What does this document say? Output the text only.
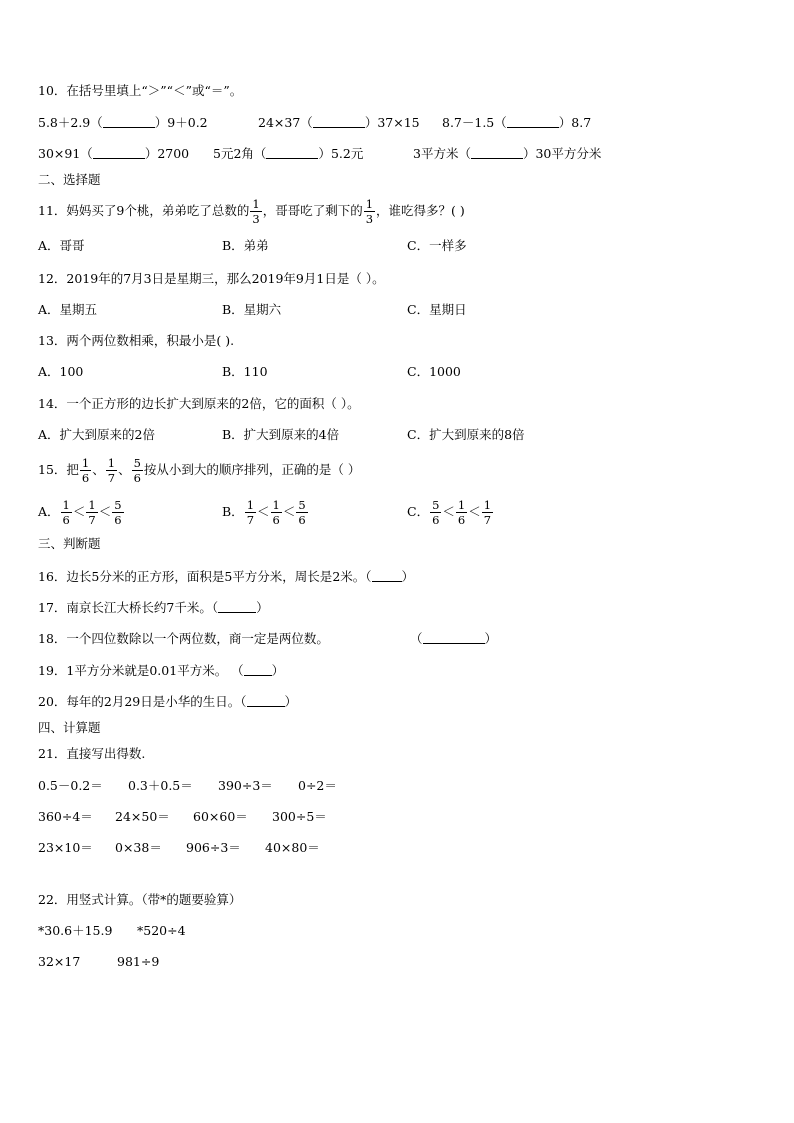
10．在括号里填上“＞”“＜”或“＝”。
5.8＋2.9（	）9＋0.2	24×37（	）37×15 8.7－1.5（	）8.7
30×91（	）2700 5元2角（	）5.2元	3平方米（	）30平方分米
二、选择题
11．妈妈买了9个桃，弟弟吃了总数的 $\frac{1}{3}$ ，哥哥吃了剩下的 $\frac{1}{3}$ ，谁吃得多？( )
A．哥哥	B．弟弟	C．一样多
12．2019年的7月3日是星期三，那么2019年9月1日是（ ）。
A．星期五	B．星期六	C．星期日
13．两个两位数相乘，积最小是( ).
A．100	B．110	C．1000
14．一个正方形的边长扩大到原来的2倍，它的面积（ ）。
A．扩大到原来的2倍	B．扩大到原来的4倍	C．扩大到原来的8倍
15．把 $\frac{1}{6}$ 、 $\frac{1}{7}$ 、 $\frac{5}{6}$ 按从小到大的顺序排列，正确的是（ ）
A． $\frac{1}{6} < \frac{1}{7} < \frac{5}{6}$	B． $\frac{1}{7} < \frac{1}{6} < \frac{5}{6}$	C． $\frac{5}{6} < \frac{1}{6} < \frac{1}{7}$
三、判断题
16．边长5分米的正方形，面积是5平方分米，周长是2米。（ ）
17．南京长江大桥长约7千米。（	）
18．一个四位数除以一个两位数，商一定是两位数。	（	）
19．1平方分米就是0.01平方米。 （ ）
20．每年的2月29日是小华的生日。（	）
四、计算题
21．直接写出得数.
0.5－0.2＝ 0.3＋0.5＝ 390÷3＝ 0÷2＝
360÷4＝ 24×50＝ 60×60＝ 300÷5＝
23×10＝ 0×38＝ 906÷3＝ 40×80＝
22．用竖式计算。（带*的题要验算）
*30.6＋15.9 *520÷4
32×17	981÷9
